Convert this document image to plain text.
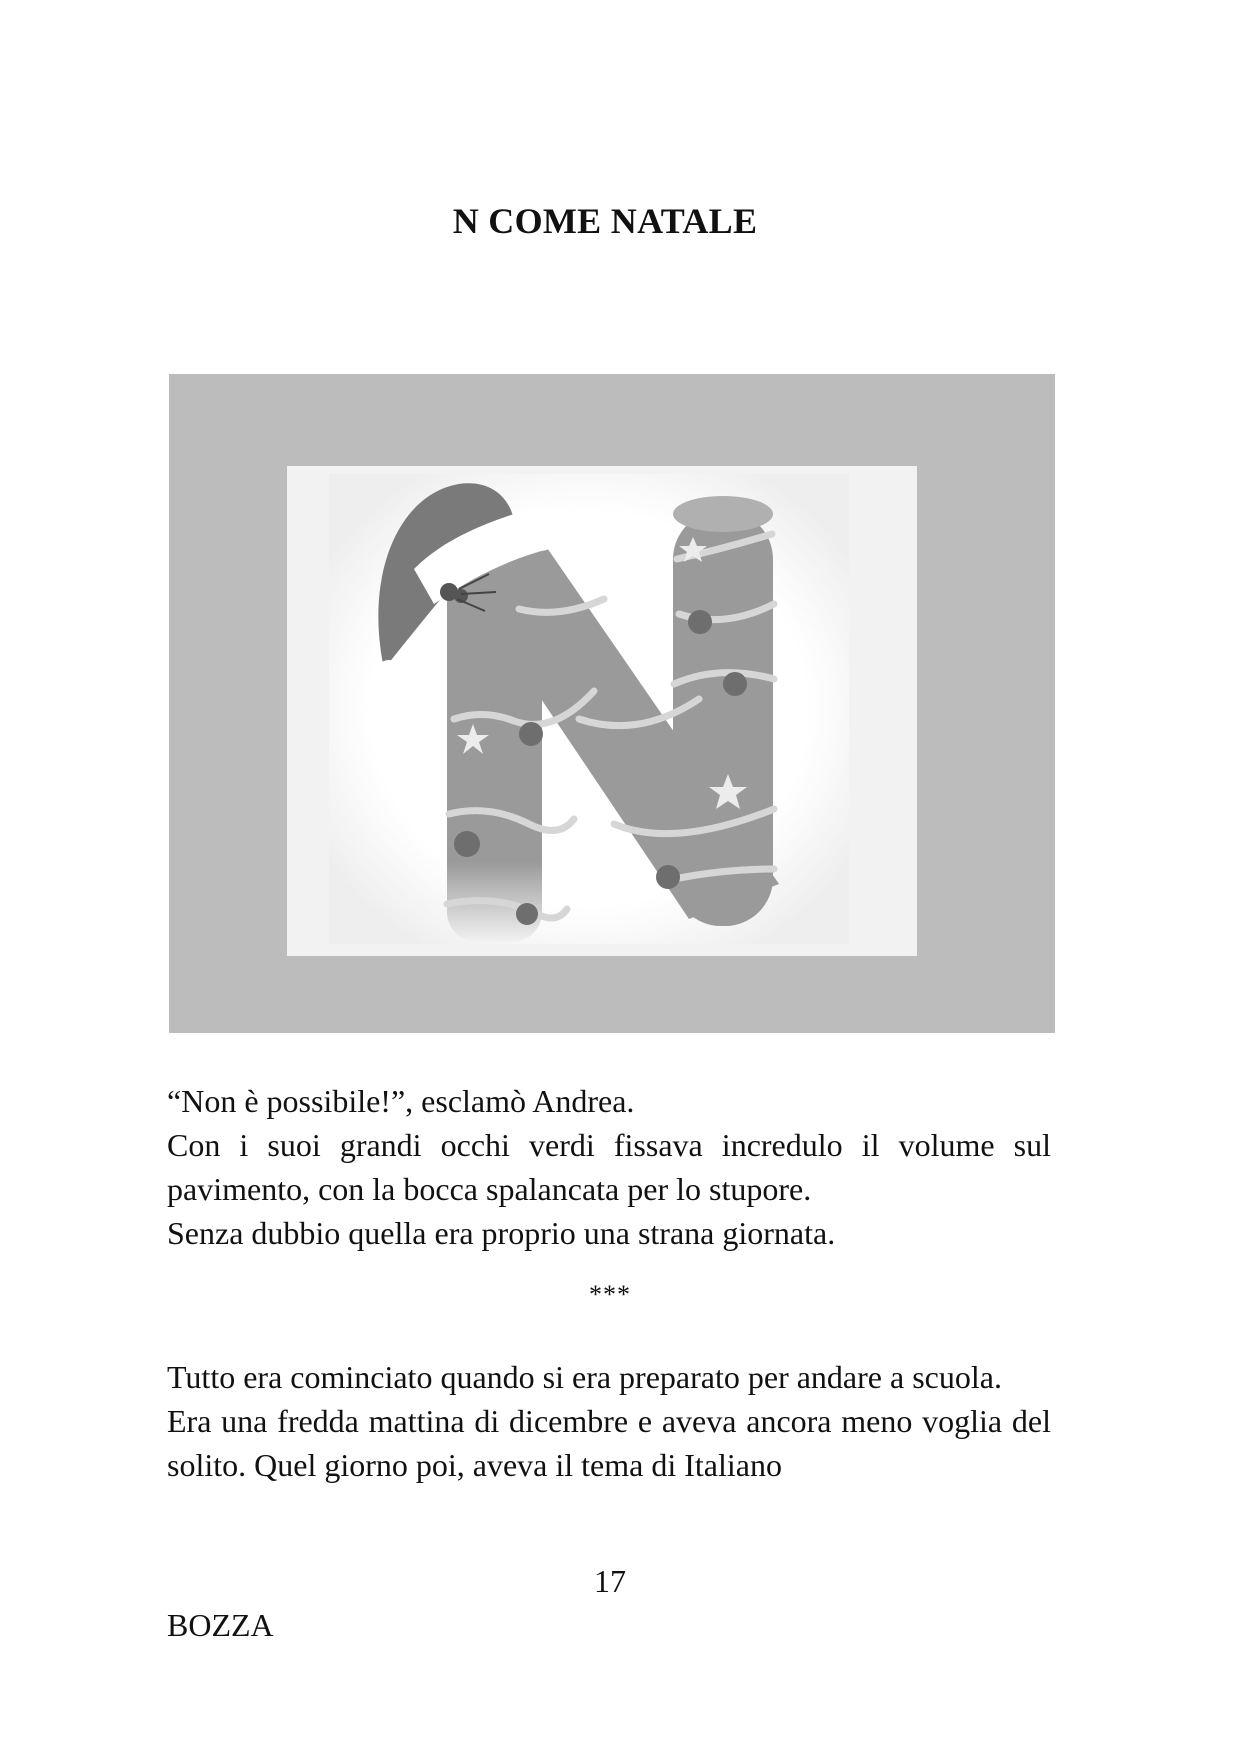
N COME NATALE

“Non è possibile!”, esclamò Andrea.

Con i suoi grandi occhi verdi fissava incredulo il volume sul pavimento, con la bocca spalancata per lo stupore.

Senza dubbio quella era proprio una strana giornata.

***

Tutto era cominciato quando si era preparato per andare a scuola.

Era una fredda mattina di dicembre e aveva ancora meno voglia del solito. Quel giorno poi, aveva il tema di Italiano

17

BOZZA
